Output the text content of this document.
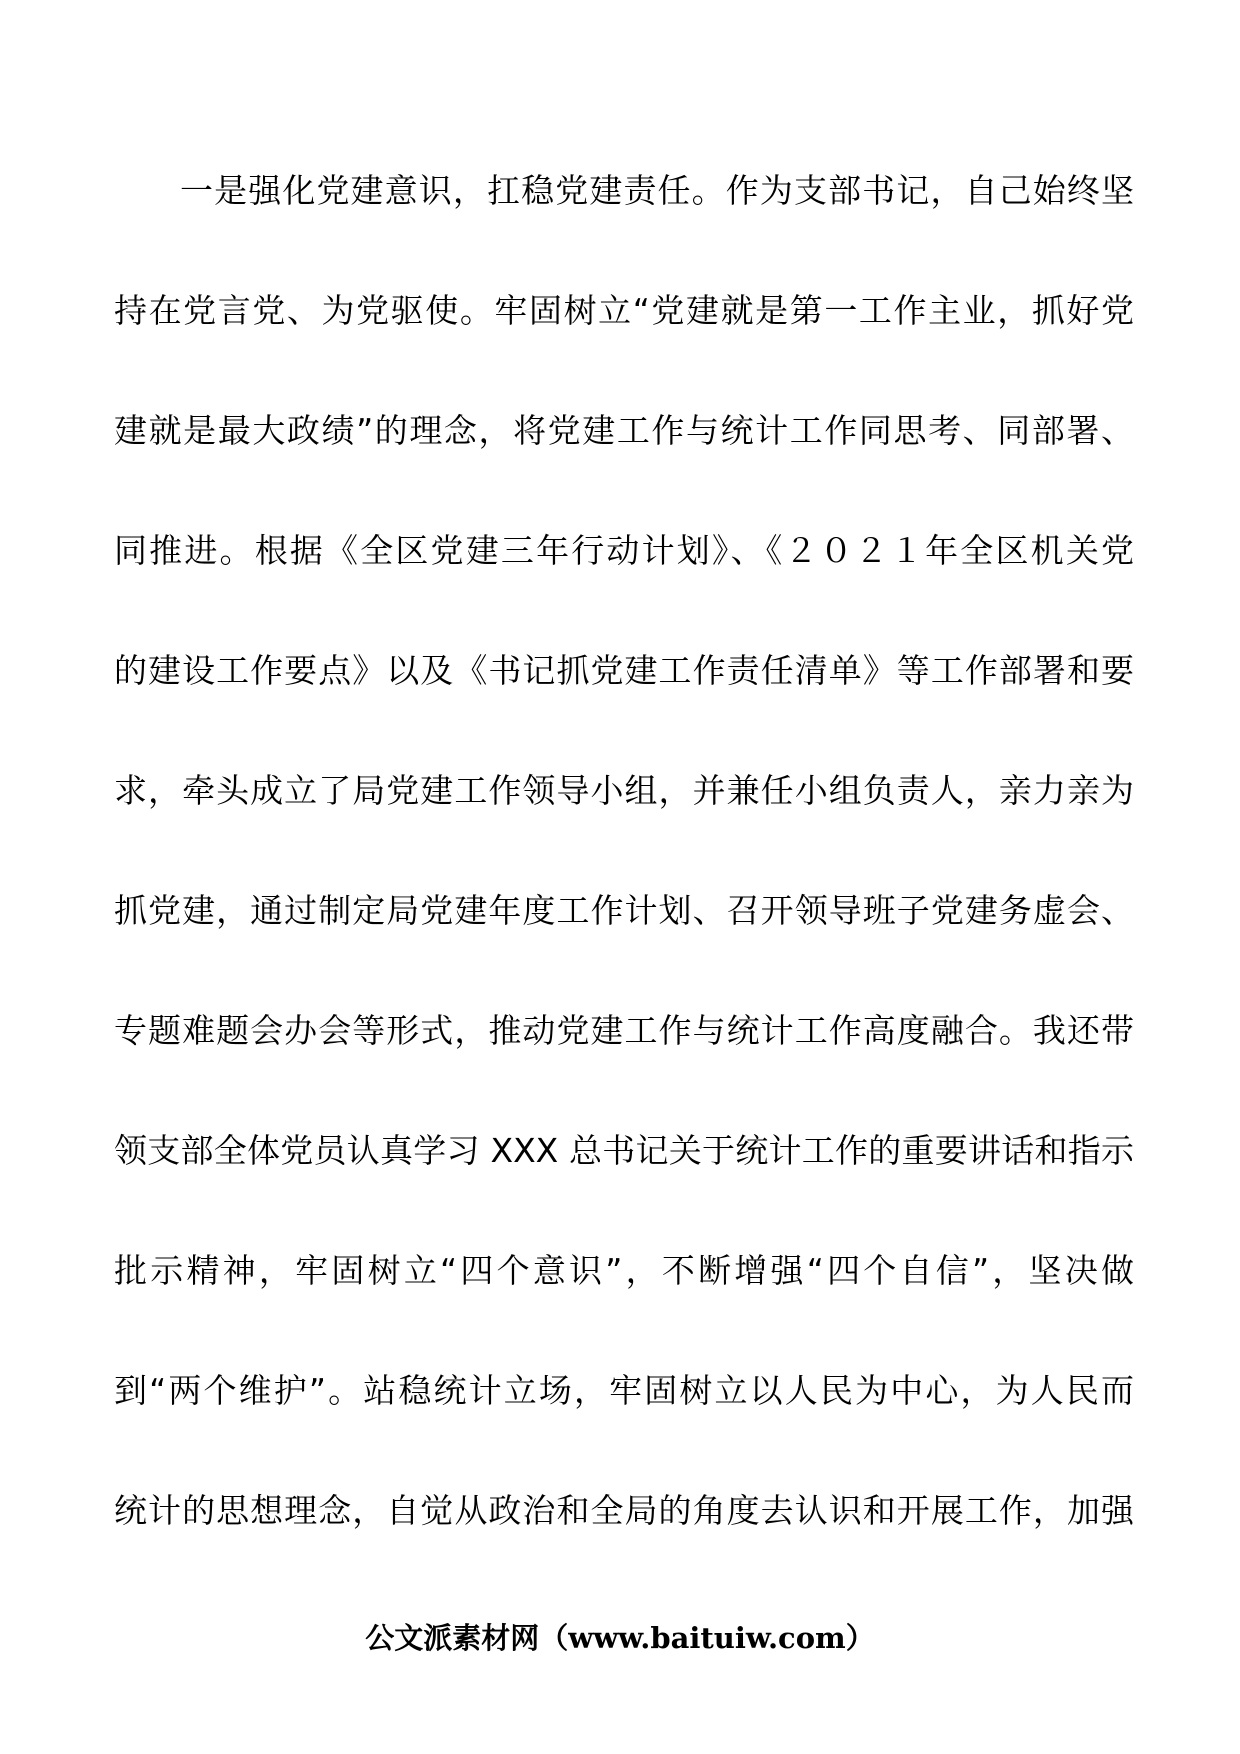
一是强化党建意识，扛稳党建责任。作为支部书记，自己始终坚
持在党言党、为党驱使。牢固树立“党建就是第一工作主业，抓好党
建就是最大政绩”的理念，将党建工作与统计工作同思考、同部署、
同推进。根据《全区党建三年行动计划》、《２０２１年全区机关党
的建设工作要点》以及《书记抓党建工作责任清单》等工作部署和要
求，牵头成立了局党建工作领导小组，并兼任小组负责人，亲力亲为
抓党建，通过制定局党建年度工作计划、召开领导班子党建务虚会、
专题难题会办会等形式，推动党建工作与统计工作高度融合。我还带
领支部全体党员认真学习 XXX 总书记关于统计工作的重要讲话和指示
批示精神，牢固树立“四个意识”，不断增强“四个自信”，坚决做
到“两个维护”。站稳统计立场，牢固树立以人民为中心，为人民而
统计的思想理念，自觉从政治和全局的角度去认识和开展工作，加强
公文派素材网（www.baituiw.com）
